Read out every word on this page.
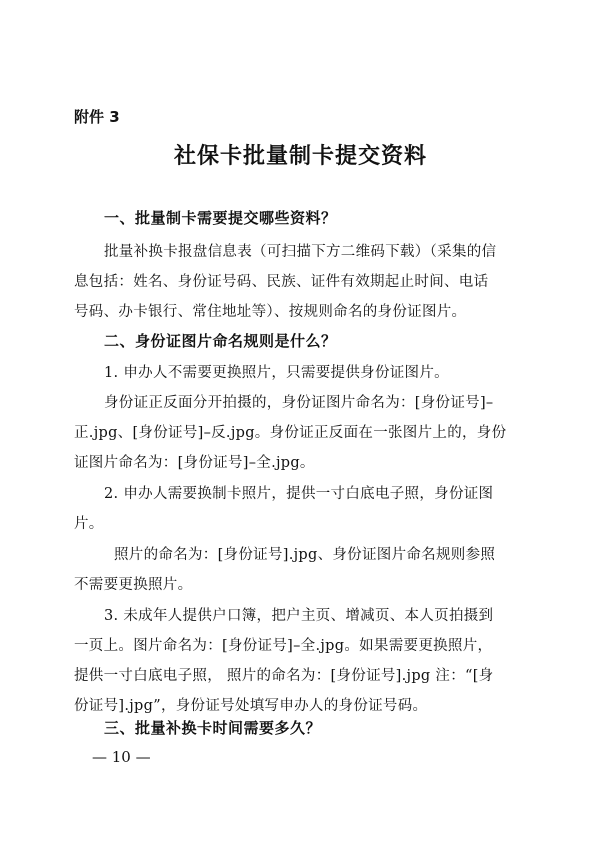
附件 3
社保卡批量制卡提交资料
一、批量制卡需要提交哪些资料？
批量补换卡报盘信息表（可扫描下方二维码下载）（采集的信
息包括：姓名、身份证号码、民族、证件有效期起止时间、电话
号码、办卡银行、常住地址等）、按规则命名的身份证图片。
二、身份证图片命名规则是什么？
1. 申办人不需要更换照片，只需要提供身份证图片。
身份证正反面分开拍摄的，身份证图片命名为：[身份证号]–
正.jpg、[身份证号]–反.jpg。身份证正反面在一张图片上的，身份
证图片命名为：[身份证号]–全.jpg。
2. 申办人需要换制卡照片，提供一寸白底电子照，身份证图
片。
照片的命名为：[身份证号].jpg、身份证图片命名规则参照
不需要更换照片。
3. 未成年人提供户口簿，把户主页、增减页、本人页拍摄到
一页上。图片命名为：[身份证号]–全.jpg。如果需要更换照片，
提供一寸白底电子照， 照片的命名为：[身份证号].jpg 注：“[身
份证号].jpg”，身份证号处填写申办人的身份证号码。
三、批量补换卡时间需要多久？
— 10 —
